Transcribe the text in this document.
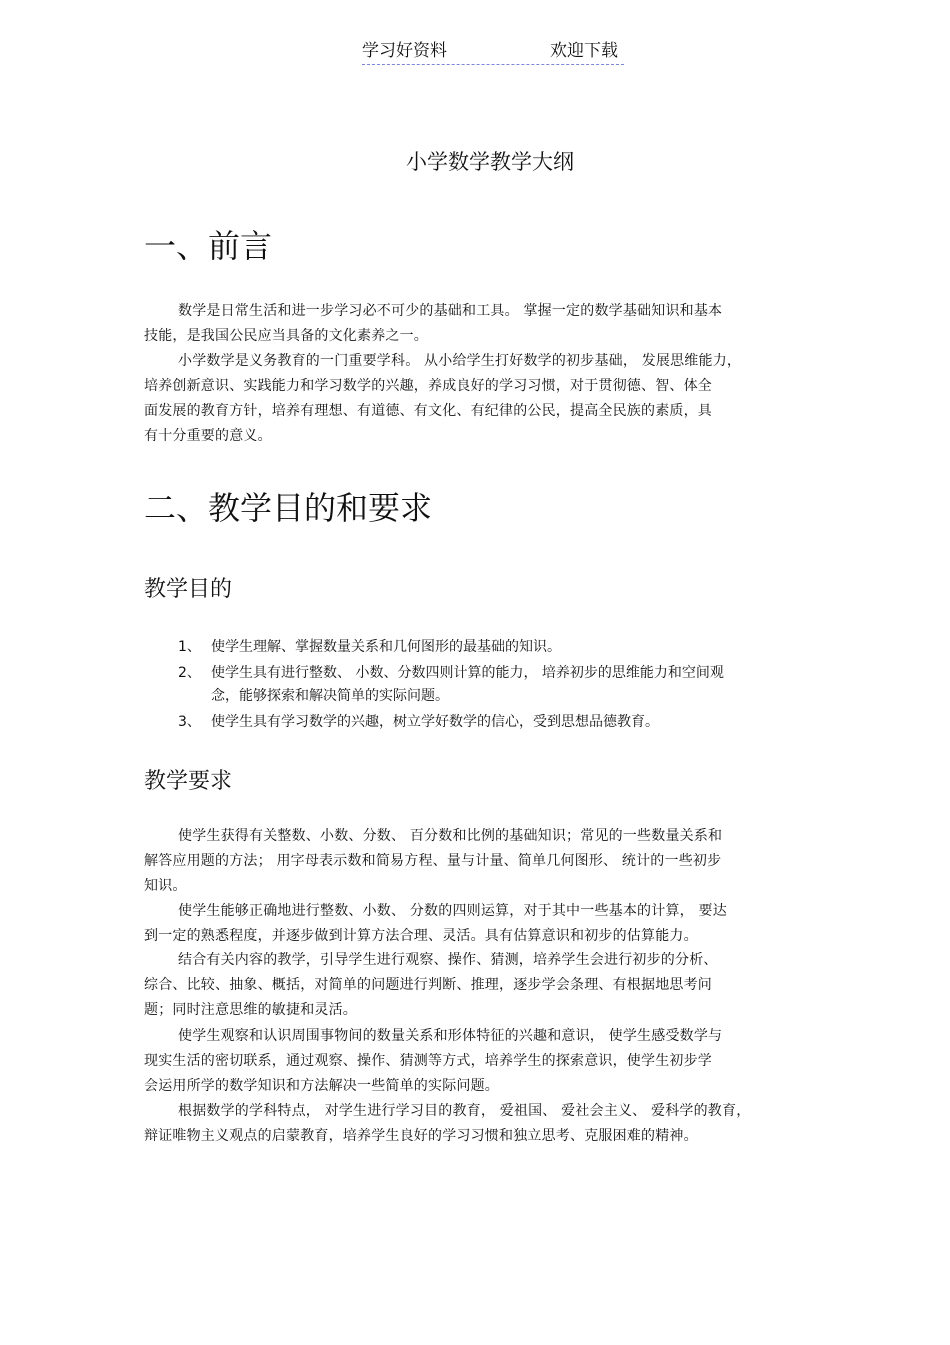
学习好资料	欢迎下载
小学数学教学大纲
一、前言
数学是日常生活和进一步学习必不可少的基础和工具。 掌握一定的数学基础知识和基本
技能，是我国公民应当具备的文化素养之一。
小学数学是义务教育的一门重要学科。 从小给学生打好数学的初步基础， 发展思维能力，
培养创新意识、实践能力和学习数学的兴趣，养成良好的学习习惯，对于贯彻德、智、体全
面发展的教育方针，培养有理想、有道德、有文化、有纪律的公民，提高全民族的素质，具
有十分重要的意义。
二、教学目的和要求
教学目的
1、 使学生理解、掌握数量关系和几何图形的最基础的知识。
2、 使学生具有进行整数、 小数、分数四则计算的能力， 培养初步的思维能力和空间观
念，能够探索和解决简单的实际问题。
3、 使学生具有学习数学的兴趣，树立学好数学的信心，受到思想品德教育。
教学要求
使学生获得有关整数、小数、分数、 百分数和比例的基础知识；常见的一些数量关系和
解答应用题的方法； 用字母表示数和简易方程、量与计量、简单几何图形、 统计的一些初步
知识。
使学生能够正确地进行整数、小数、 分数的四则运算，对于其中一些基本的计算， 要达
到一定的熟悉程度，并逐步做到计算方法合理、灵活。具有估算意识和初步的估算能力。
结合有关内容的教学，引导学生进行观察、操作、猜测，培养学生会进行初步的分析、
综合、比较、抽象、概括，对简单的问题进行判断、推理，逐步学会条理、有根据地思考问
题；同时注意思维的敏捷和灵活。
使学生观察和认识周围事物间的数量关系和形体特征的兴趣和意识， 使学生感受数学与
现实生活的密切联系，通过观察、操作、猜测等方式，培养学生的探索意识，使学生初步学
会运用所学的数学知识和方法解决一些简单的实际问题。
根据数学的学科特点， 对学生进行学习目的教育， 爱祖国、 爱社会主义、 爱科学的教育，
辩证唯物主义观点的启蒙教育，培养学生良好的学习习惯和独立思考、克服困难的精神。
